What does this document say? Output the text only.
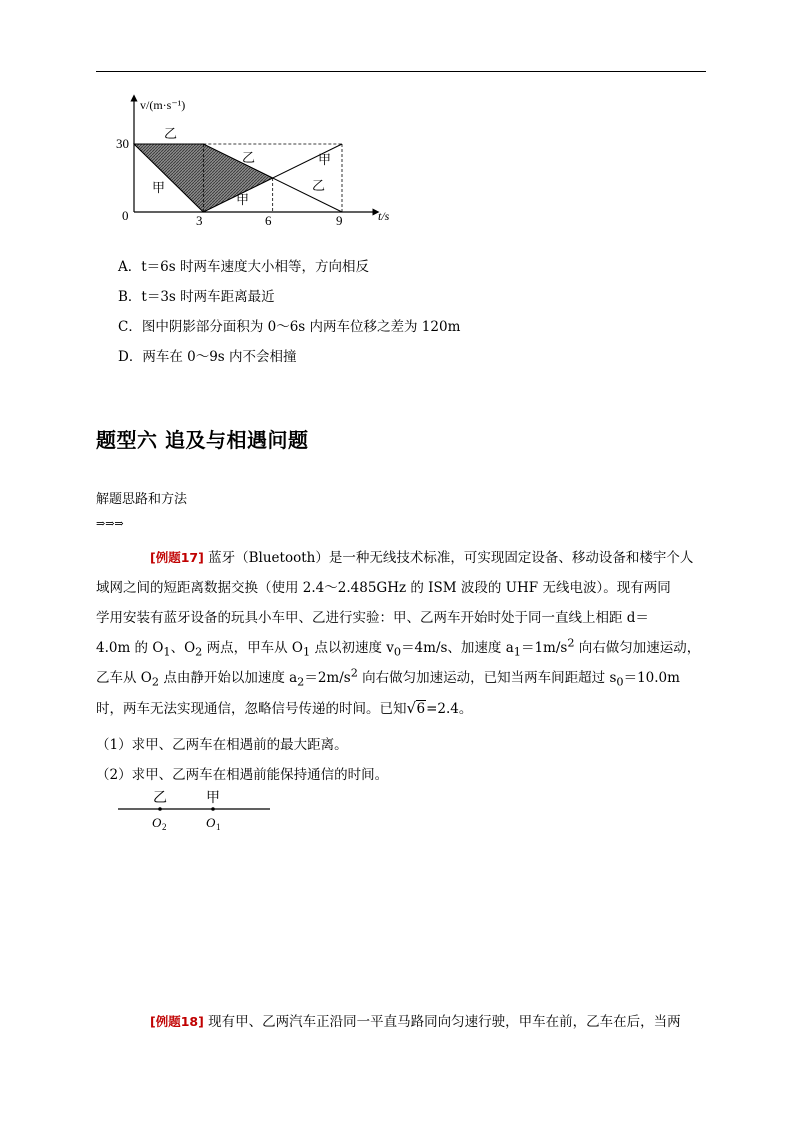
v/(m·s⁻¹)
t/s
30
0	3	6	9
乙
乙	甲
甲
甲
乙
A．t＝6s 时两车速度大小相等，方向相反
B．t＝3s 时两车距离最近
C．图中阴影部分面积为 0～6s 内两车位移之差为 120m
D．两车在 0～9s 内不会相撞
题型六 追及与相遇问题
解题思路和方法
⇒⇒⇒
[例题17] 蓝牙（Bluetooth）是一种无线技术标准，可实现固定设备、移动设备和楼宇个人
域网之间的短距离数据交换（使用 2.4～2.485GHz 的 ISM 波段的 UHF 无线电波）。现有两同
学用安装有蓝牙设备的玩具小车甲、乙进行实验：甲、乙两车开始时处于同一直线上相距 d＝
4.0m 的 $O_1$、$O_2$ 两点，甲车从 $O_1$ 点以初速度 $v_0=4m/s$、加速度 $a_1=1m/s^2$ 向右做匀加速运动，
乙车从 $O_2$ 点由静开始以加速度 $a_2=2m/s^2$ 向右做匀加速运动，已知当两车间距超过 $s_0=10.0m$
时，两车无法实现通信，忽略信号传递的时间。已知 √ 6=2.4。
（1）求甲、乙两车在相遇前的最大距离。
（2）求甲、乙两车在相遇前能保持通信的时间。
乙	甲
O 2	O 1
[例题18] 现有甲、乙两汽车正沿同一平直马路同向匀速行驶，甲车在前，乙车在后，当两
